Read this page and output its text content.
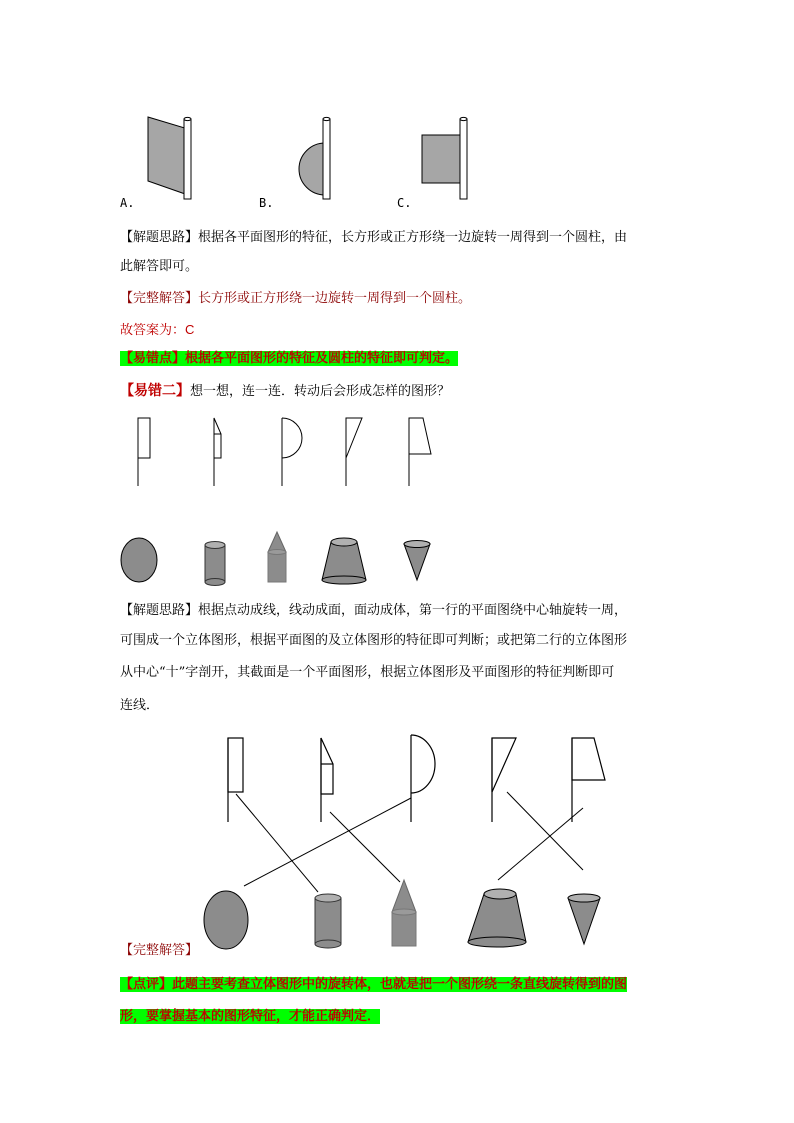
A.	B.	C.
【解题思路】根据各平面图形的特征，长方形或正方形绕一边旋转一周得到一个圆柱，由
此解答即可。
【完整解答】长方形或正方形绕一边旋转一周得到一个圆柱。
故答案为：C
【易错点】根据各平面图形的特征及圆柱的特征即可判定。
【易错二】想一想，连一连．转动后会形成怎样的图形？
【解题思路】根据点动成线，线动成面，面动成体，第一行的平面图绕中心轴旋转一周，
可围成一个立体图形，根据平面图的及立体图形的特征即可判断；或把第二行的立体图形
从中心“十”字剖开，其截面是一个平面图形，根据立体图形及平面图形的特征判断即可
连线．
【完整解答】
【点评】此题主要考查立体图形中的旋转体，也就是把一个图形绕一条直线旋转得到的图
形，要掌握基本的图形特征，才能正确判定．
